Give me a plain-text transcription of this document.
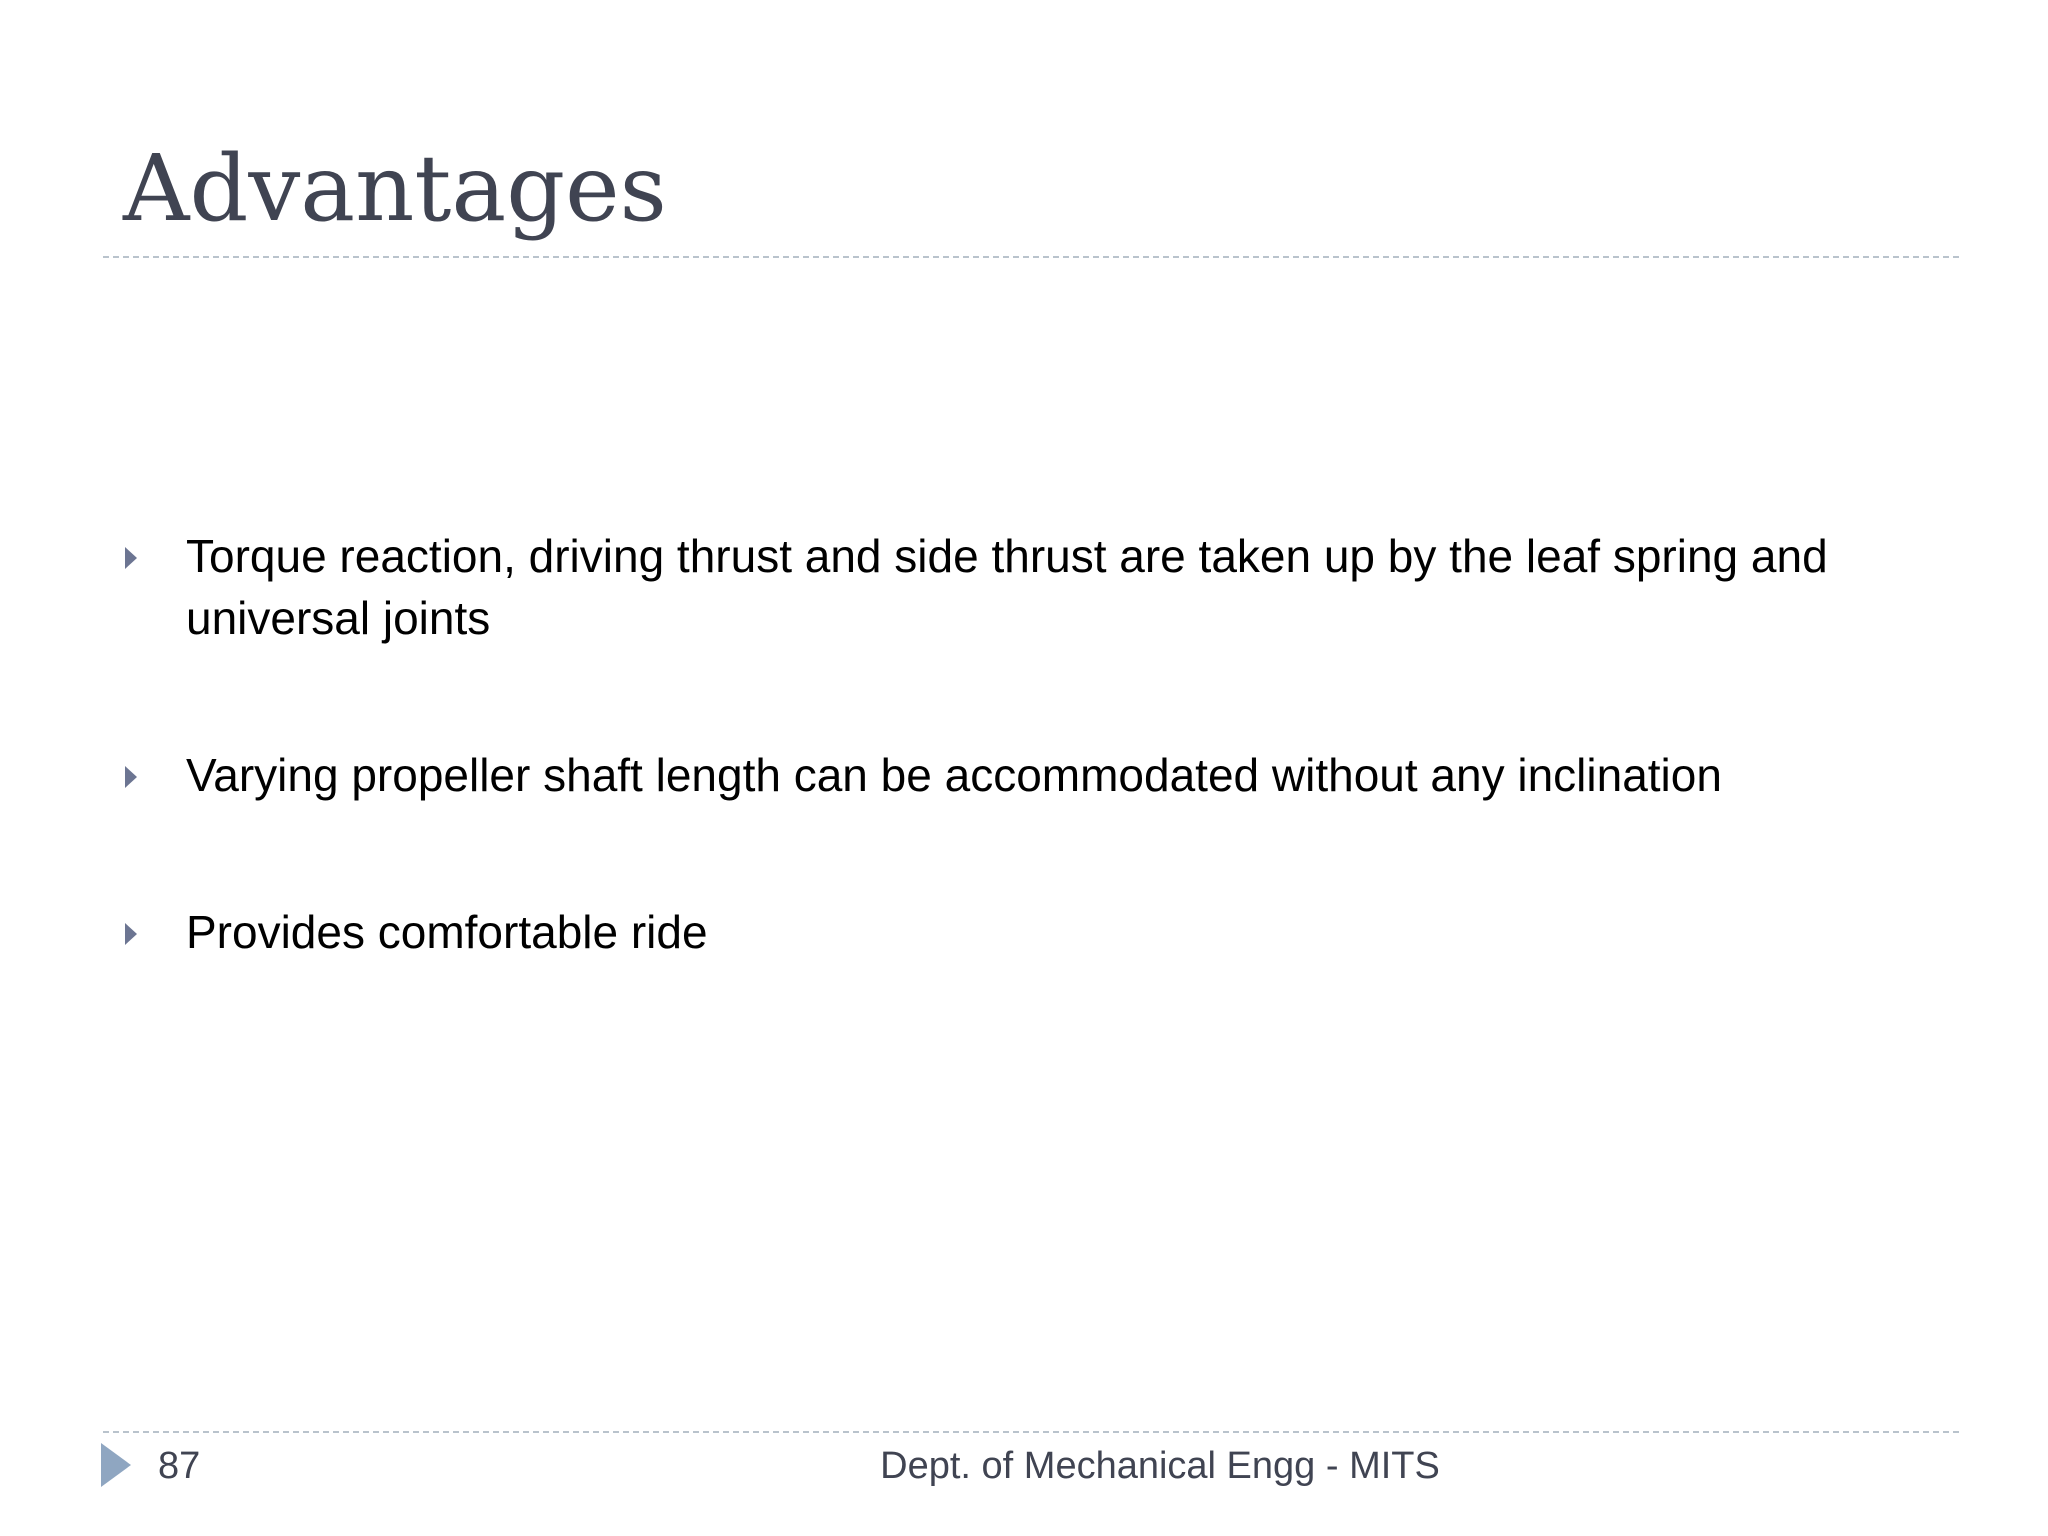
Advantages
Torque reaction, driving thrust and side thrust are taken up by the leaf spring and universal joints
Varying propeller shaft length can be accommodated without any inclination
Provides comfortable ride
87	Dept. of Mechanical Engg - MITS
